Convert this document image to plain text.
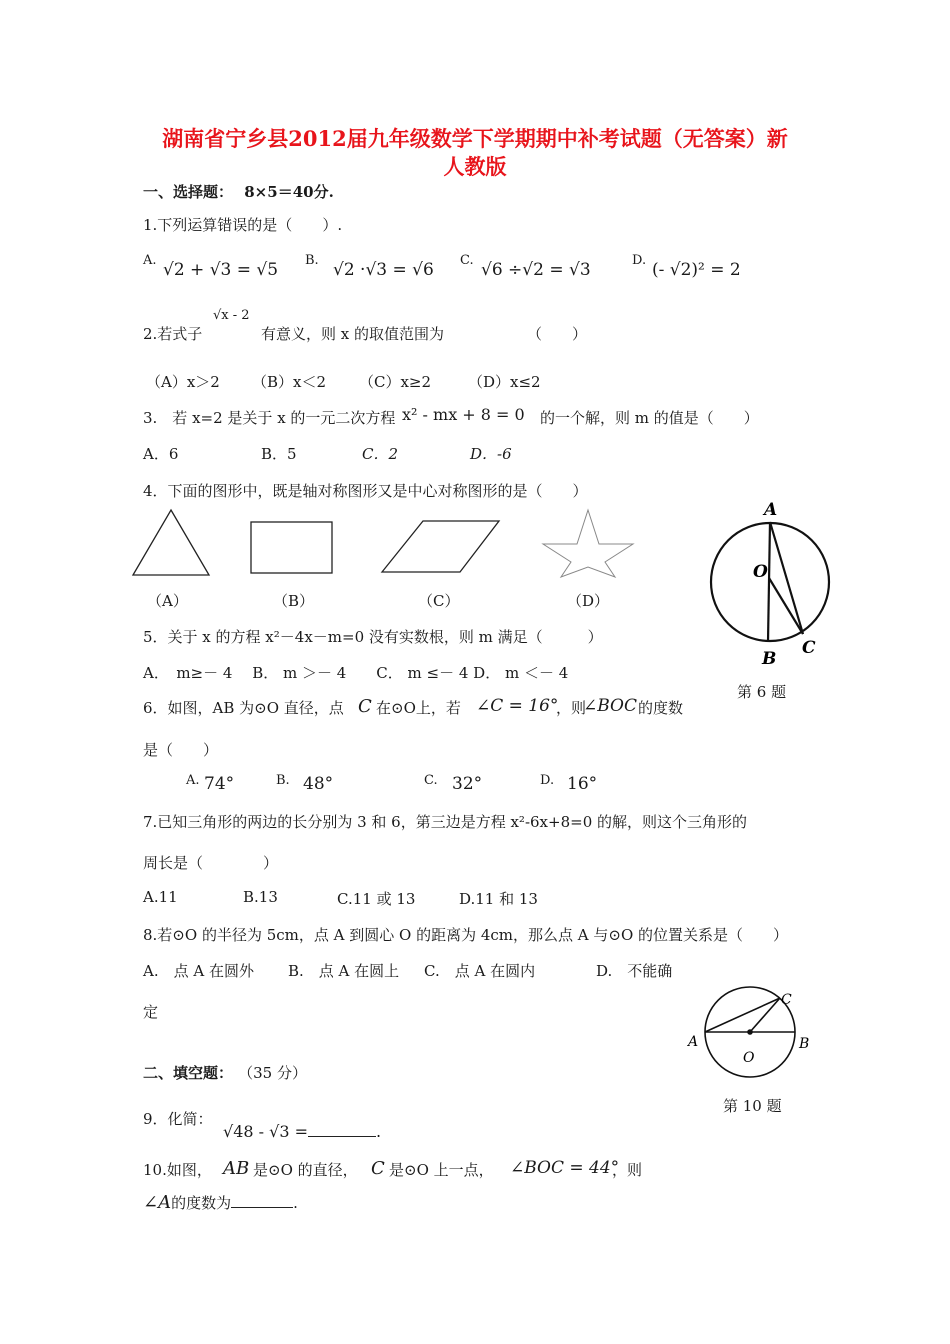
湖南省宁乡县2012届九年级数学下学期期中补考试题（无答案）新
人教版
一、选择题： 8×5＝40分.
1.下列运算错误的是（　　）.
A. √2 + √3 = √5 B. √2 ·√3 = √6 C. √6 ÷√2 = √3	D. (- √2)² = 2
2.若式子
√x - 2
有意义，则 x 的取值范围为	（　　）
（A）x＞2 （B）x＜2 （C）x≥2 （D）x≤2
3.　若 x=2 是关于 x 的一元二次方程 x² - mx + 8 = 0 的一个解，则 m 的值是（　　）
A．6	B．5	C．2	D．-6
4．下面的图形中，既是轴对称图形又是中心对称图形的是（　　）
（A）	（B）	（C）	（D）
A
O
B
C
第 6 题
5．关于 x 的方程 x²－4x－m=0 没有实数根，则 m 满足（　　　）
A．　m≥－ 4　 B． m ＞－ 4　　C． m ≤－ 4 D． m ＜－ 4
6．如图，AB 为⊙O 直径，点 C 在⊙O上，若 ∠C = 16°
，则
∠BOC 的度数
是（　　）
A. 74°	B. 48°	C. 32°	D. 16°
7.已知三角形的两边的长分别为 3 和 6，第三边是方程 x²-6x+8=0 的解，则这个三角形的
周长是（　　　　）
A.11	B.13	C.11 或 13	D.11 和 13
8.若⊙O 的半径为 5cm，点 A 到圆心 O 的距离为 4cm，那么点 A 与⊙O 的位置关系是（　　）
A.　点 A 在圆外 B.　点 A 在圆上 C.　点 A 在圆内	D.　不能确
定
A	B
C
O
第 10 题
二、填空题： （35 分）
9．化简：
√48 - √3 =	.
10.如图， AB 是⊙O 的直径， C 是⊙O 上一点， ∠BOC = 44°
，则
∠A的度数为	.
